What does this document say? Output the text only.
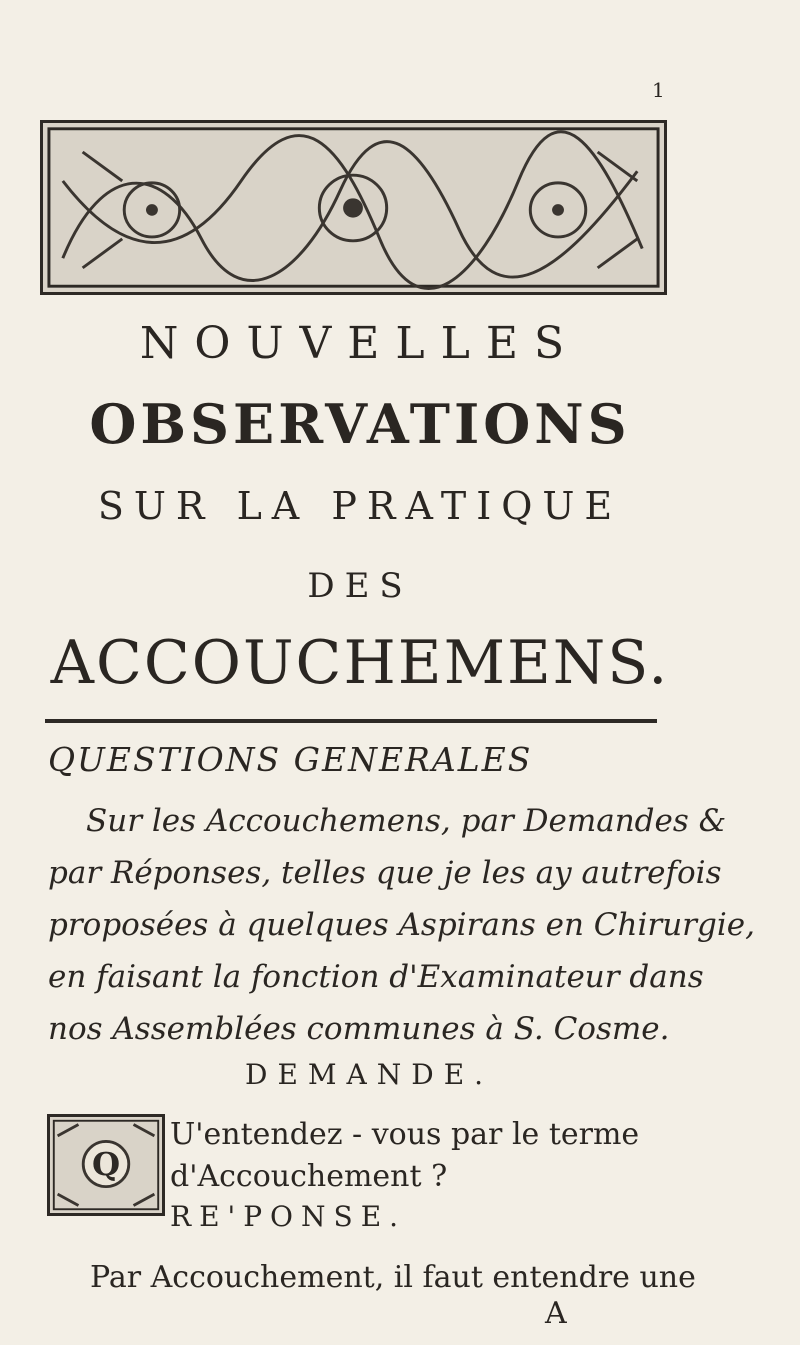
1
NOUVELLES
OBSERVATIONS
SUR LA PRATIQUE
DES
ACCOUCHEMENS.
QUESTIONS GENERALES
Sur les Accouchemens, par Demandes &
par Réponses, telles que je les ay autrefois
proposées à quelques Aspirans en Chirurgie,
en faisant la fonction d'Examinateur dans
nos Assemblées communes à S. Cosme.
DEMANDE.
Q
U'entendez - vous par le terme
d'Accouchement ?
RE'PONSE.
Par Accouchement, il faut entendre une
A
